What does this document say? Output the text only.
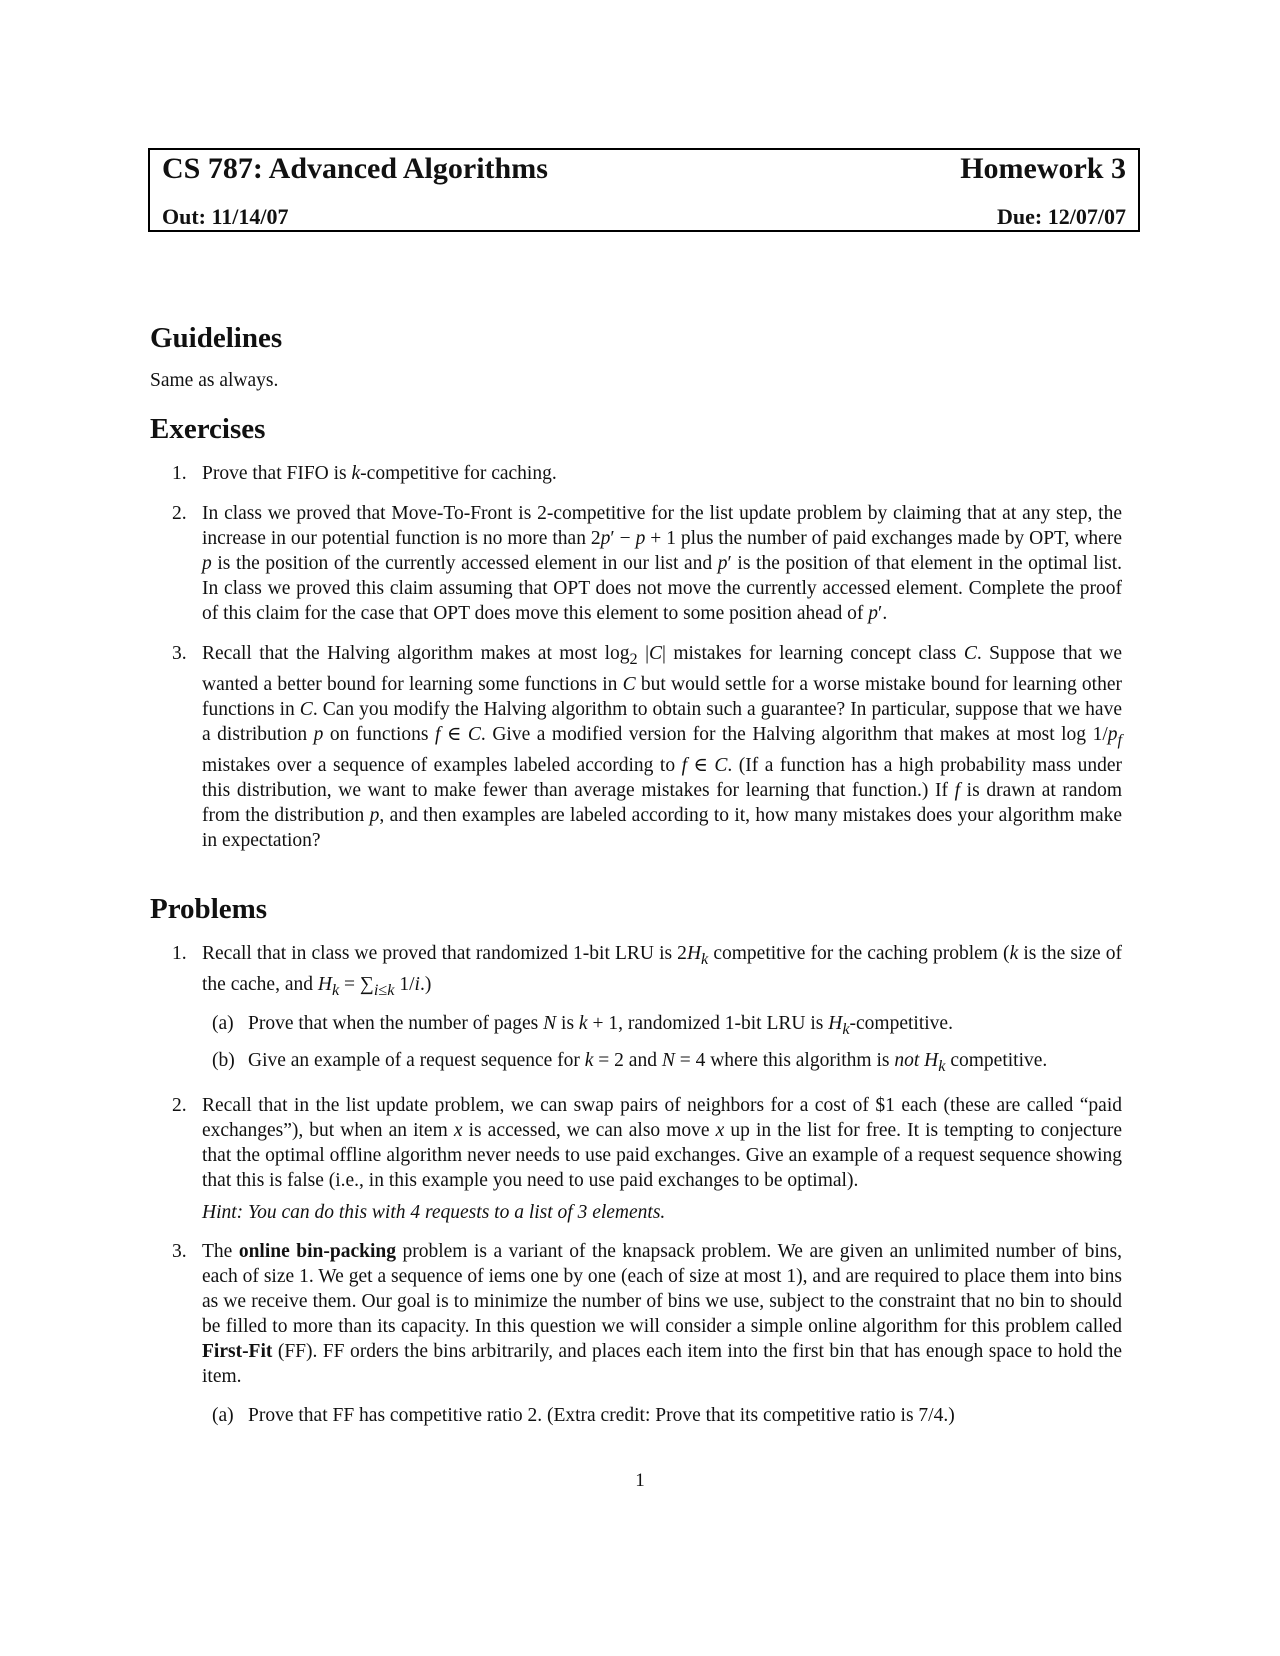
CS 787: Advanced Algorithms	Homework 3
Out: 11/14/07	Due: 12/07/07
Guidelines

Same as always.

Exercises
1. Prove that FIFO is k-competitive for caching.
2. In class we proved that Move-To-Front is 2-competitive for the list update problem by claiming that at any step, the increase in our potential function is no more than 2p′ − p + 1 plus the number of paid exchanges made by OPT, where p is the position of the currently accessed element in our list and p′ is the position of that element in the optimal list. In class we proved this claim assuming that OPT does not move the currently accessed element. Complete the proof of this claim for the case that OPT does move this element to some position ahead of p′.
3. Recall that the Halving algorithm makes at most $\log_2 |C|$ mistakes for learning concept class C. Suppose that we wanted a better bound for learning some functions in C but would settle for a worse mistake bound for learning other functions in C. Can you modify the Halving algorithm to obtain such a guarantee? In particular, suppose that we have a distribution p on functions f ∈ C. Give a modified version for the Halving algorithm that makes at most $\log 1/p_f$ mistakes over a sequence of examples labeled according to f ∈ C. (If a function has a high probability mass under this distribution, we want to make fewer than average mistakes for learning that function.) If f is drawn at random from the distribution p, and then examples are labeled according to it, how many mistakes does your algorithm make in expectation?
Problems
1. Recall that in class we proved that randomized 1-bit LRU is $2H_k$ competitive for the caching problem (k is the size of the cache, and $H_k = \sum_{i\le k}$ 1/i.)
(a) Prove that when the number of pages N is k + 1, randomized 1-bit LRU is $H_k$-competitive.
(b) Give an example of a request sequence for k = 2 and N = 4 where this algorithm is not $H_k$ competitive.
2. Recall that in the list update problem, we can swap pairs of neighbors for a cost of $1 each (these are called “paid exchanges”), but when an item x is accessed, we can also move x up in the list for free. It is tempting to conjecture that the optimal offline algorithm never needs to use paid exchanges. Give an example of a request sequence showing that this is false (i.e., in this example you need to use paid exchanges to be optimal).
Hint: You can do this with 4 requests to a list of 3 elements.
3. The online bin-packing problem is a variant of the knapsack problem. We are given an unlimited number of bins, each of size 1. We get a sequence of iems one by one (each of size at most 1), and are required to place them into bins as we receive them. Our goal is to minimize the number of bins we use, subject to the constraint that no bin to should be filled to more than its capacity. In this question we will consider a simple online algorithm for this problem called First-Fit (FF). FF orders the bins arbitrarily, and places each item into the first bin that has enough space to hold the item.
(a) Prove that FF has competitive ratio 2. (Extra credit: Prove that its competitive ratio is 7/4.)
1
